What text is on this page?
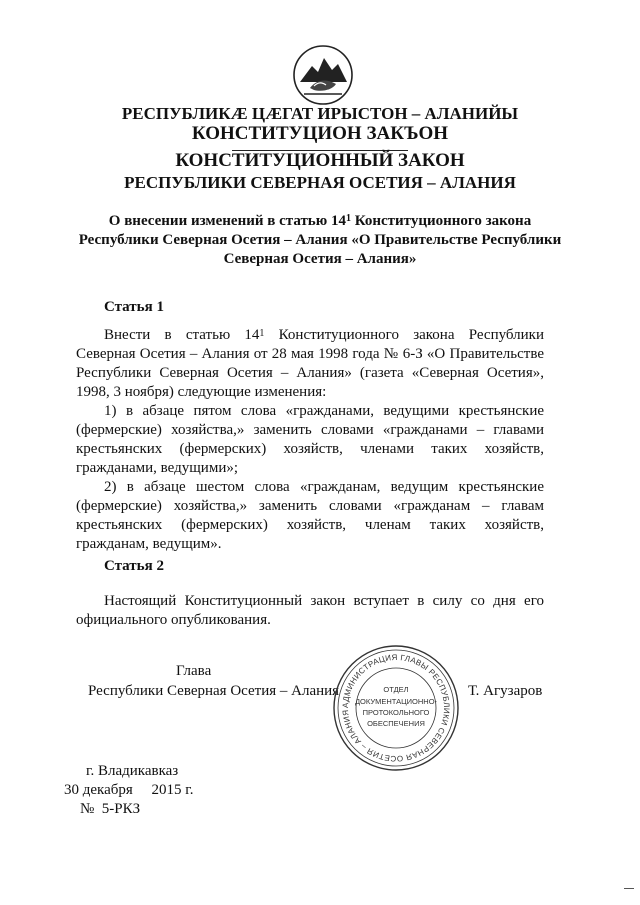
РЕСПУБЛИКÆ ЦÆГАТ ИРЫСТОН – АЛАНИЙЫ
КОНСТИТУЦИОН ЗАКЪОН
КОНСТИТУЦИОННЫЙ ЗАКОН
РЕСПУБЛИКИ СЕВЕРНАЯ ОСЕТИЯ – АЛАНИЯ
О внесении изменений в статью $14^1$ Конституционного закона
Республики Северная Осетия – Алания «О Правительстве Республики
Северная Осетия – Алания»
Статья 1

Внести в статью $14^1$ Конституционного закона Республики Северная Осетия – Алания от 28 мая 1998 года № 6-З «О Правительстве Республики Северная Осетия – Алания» (газета «Северная Осетия», 1998, 3 ноября) следующие изменения:

1) в абзаце пятом слова «гражданами, ведущими крестьянские (фермерские) хозяйства,» заменить словами «гражданами – главами крестьянских (фермерских) хозяйств, членами таких хозяйств, гражданами, ведущими»;

2) в абзаце шестом слова «гражданам, ведущим крестьянские (фермерские) хозяйства,» заменить словами «гражданам – главам крестьянских (фермерских) хозяйств, членам таких хозяйств, гражданам, ведущим».

Статья 2

Настоящий Конституционный закон вступает в силу со дня его официального опубликования.

Глава
Республики Северная Осетия – Алания	Т. Агузаров
АДМИНИСТРАЦИЯ ГЛАВЫ РЕСПУБЛИКИ СЕВЕРНАЯ ОСЕТИЯ – АЛАНИЯ
ОТДЕЛ
ДОКУМЕНТАЦИОННО-
ПРОТОКОЛЬНОГО
ОБЕСПЕЧЕНИЯ
г. Владикавказ
30 декабря     2015 г.
№  5-РКЗ
